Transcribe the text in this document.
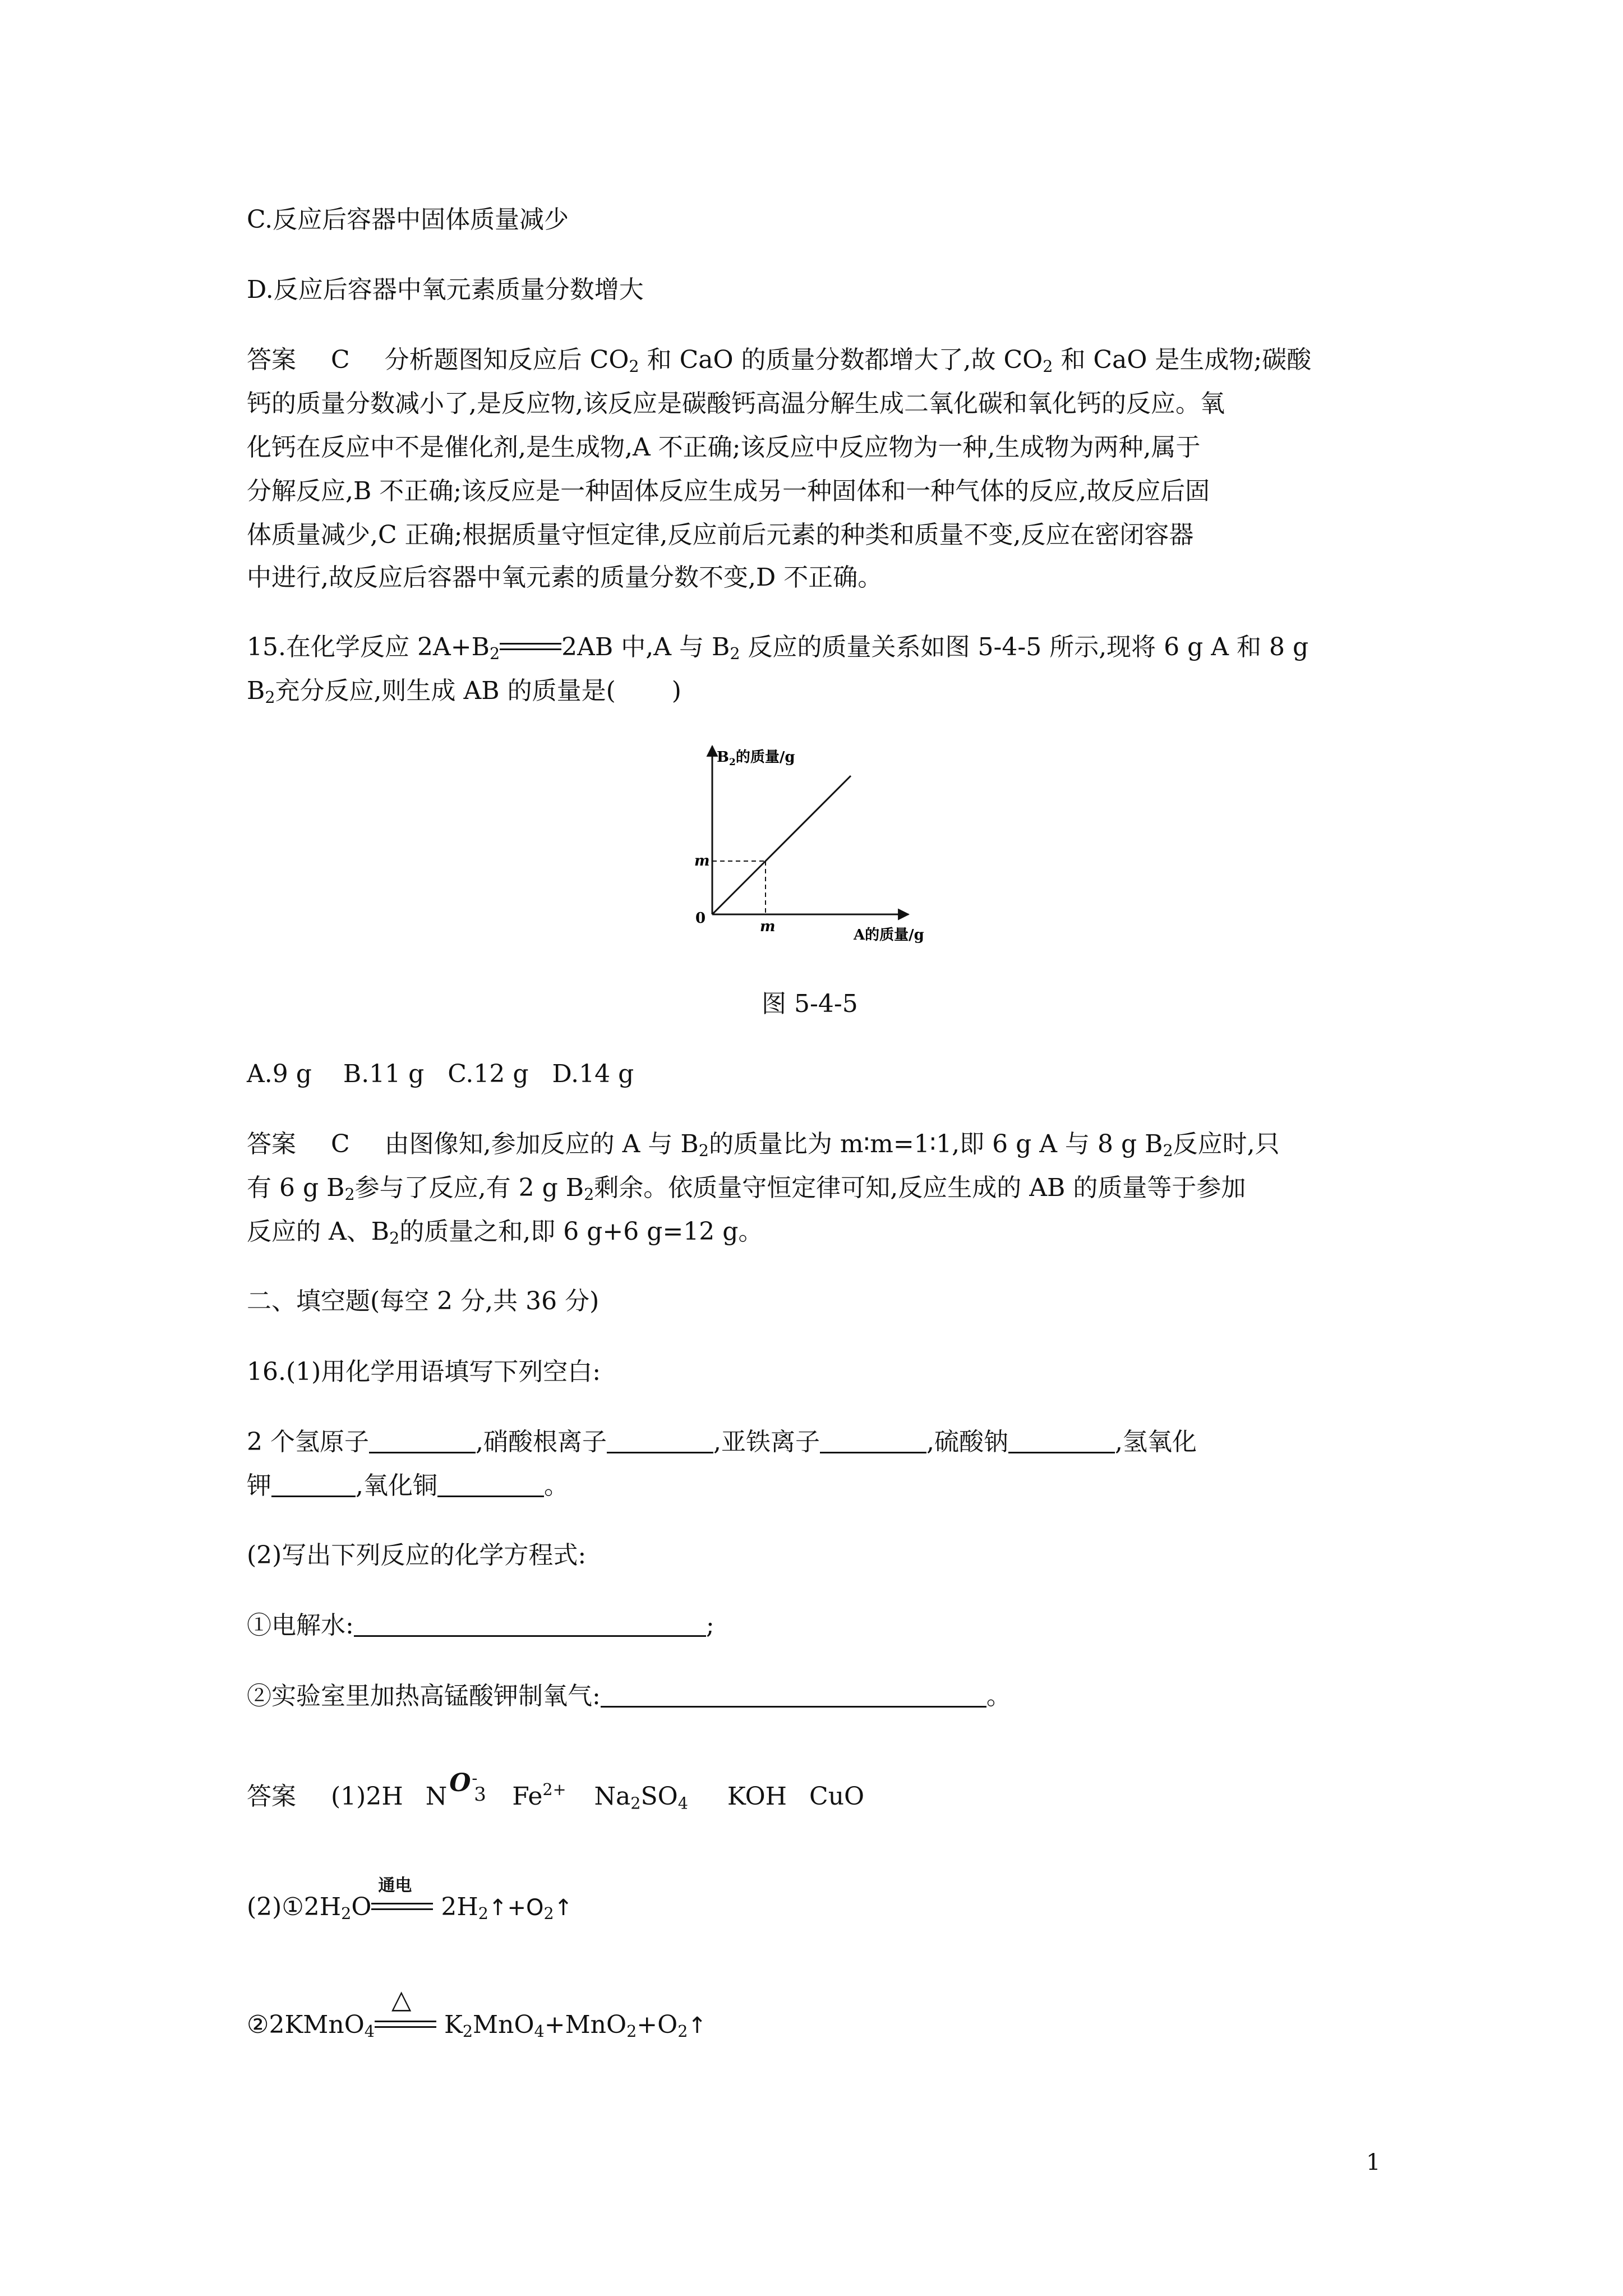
C.反应后容器中固体质量减少
D.反应后容器中氧元素质量分数增大
答案 C 分析题图知反应后 $CO_2$ 和 CaO 的质量分数都增大了,故 $CO_2$ 和 CaO 是生成物;碳酸
钙的质量分数减小了,是反应物,该反应是碳酸钙高温分解生成二氧化碳和氧化钙的反应。氧
化钙在反应中不是催化剂,是生成物,A 不正确;该反应中反应物为一种,生成物为两种,属于
分解反应,B 不正确;该反应是一种固体反应生成另一种固体和一种气体的反应,故反应后固
体质量减少,C 正确;根据质量守恒定律,反应前后元素的种类和质量不变,反应在密闭容器
中进行,故反应后容器中氧元素的质量分数不变,D 不正确。
15.在化学反应 $2A+B_2$	2AB 中,A 与 $B_2$ 反应的质量关系如图 5-4-5 所示,现将 6 g A 和 8 g
$B_2$充分反应,则生成 AB 的质量是( )
$B_2$的质量/g
A的质量/g
0
m
m
图 5-4-5
A.9 g    B.11 g   C.12 g   D.14 g
答案 C 由图像知,参加反应的 A 与 $B_2$的质量比为 m∶m=1∶1,即 6 g A 与 8 g $B_2$反应时,只
有 6 g $B_2$参与了反应,有 2 g $B_2$剩余。依质量守恒定律可知,反应生成的 AB 的质量等于参加
反应的 A、$B_2$的质量之和,即 6 g+6 g=12 g。
二、填空题(每空 2 分,共 36 分)
16.(1)用化学用语填写下列空白:
2 个氢原子	,硝酸根离子	,亚铁离子	,硫酸钠	,氢氧化
钾	,氧化铜	。
(2)写出下列反应的化学方程式:
①电解水:	;
②实验室里加热高锰酸钾制氧气:	。
答案 (1)2H N O -
3 $Fe^{2+}$ $Na_2SO_4$ KOH CuO
$(2)①2H_2O$
通电
$2H_2↑+O_2↑$
②2KMnO$_4$
△
$K_2MnO_4+MnO_2+O_2↑$
1
